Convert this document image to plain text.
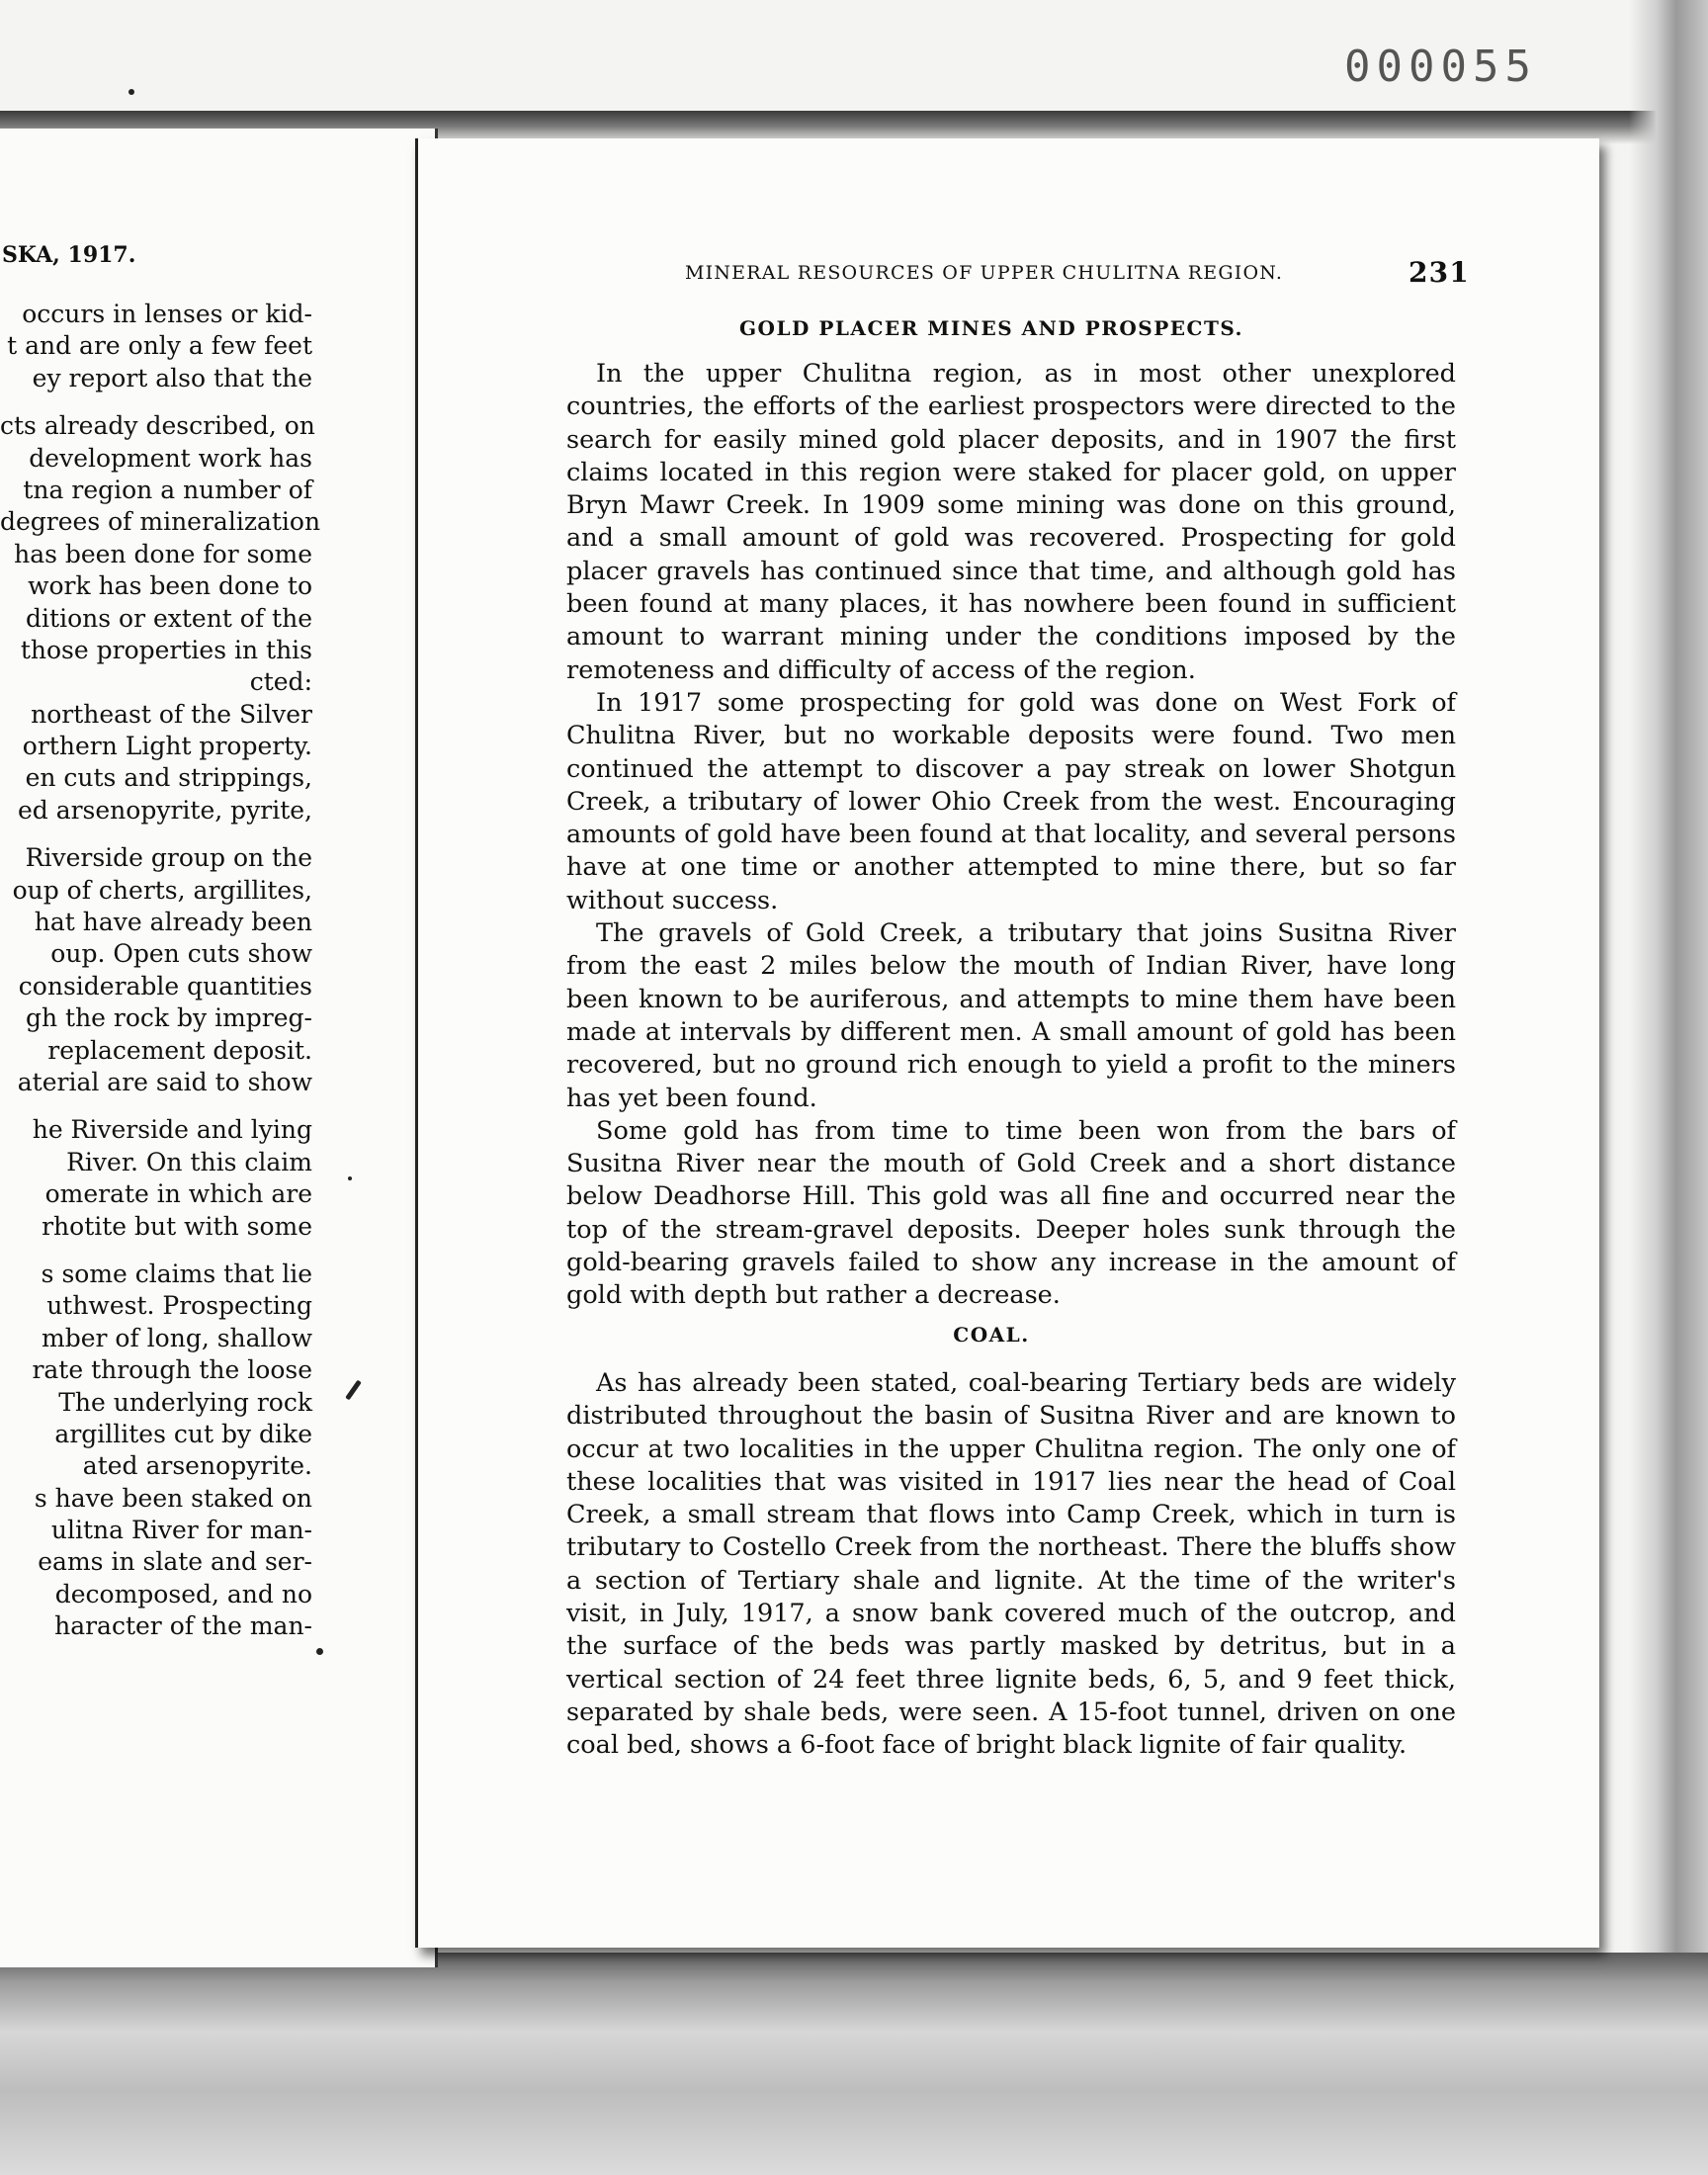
000055
SKA, 1917.
occurs in lenses or kid-
t and are only a few feet
ey report also that the
cts already described, on
development work has
tna region a number of
degrees of mineralization
has been done for some
work has been done to
ditions or extent of the
those properties in this
cted:
northeast of the Silver
orthern Light property.
en cuts and strippings,
ed arsenopyrite, pyrite,
Riverside group on the
oup of cherts, argillites,
hat have already been
oup. Open cuts show
considerable quantities
gh the rock by impreg-
replacement deposit.
aterial are said to show
he Riverside and lying
River. On this claim
omerate in which are
rhotite but with some
s some claims that lie
uthwest. Prospecting
mber of long, shallow
rate through the loose
The underlying rock
argillites cut by dike
ated arsenopyrite.
s have been staked on
ulitna River for man-
eams in slate and ser-
decomposed, and no
haracter of the man-
MINERAL RESOURCES OF UPPER CHULITNA REGION.	231
GOLD PLACER MINES AND PROSPECTS.

In the upper Chulitna region, as in most other unexplored countries, the efforts of the earliest prospectors were directed to the search for easily mined gold placer deposits, and in 1907 the first claims located in this region were staked for placer gold, on upper Bryn Mawr Creek. In 1909 some mining was done on this ground, and a small amount of gold was recovered. Prospecting for gold placer gravels has continued since that time, and although gold has been found at many places, it has nowhere been found in sufficient amount to warrant mining under the conditions imposed by the remoteness and difficulty of access of the region.

In 1917 some prospecting for gold was done on West Fork of Chulitna River, but no workable deposits were found. Two men continued the attempt to discover a pay streak on lower Shotgun Creek, a tributary of lower Ohio Creek from the west. Encouraging amounts of gold have been found at that locality, and several persons have at one time or another attempted to mine there, but so far without success.

The gravels of Gold Creek, a tributary that joins Susitna River from the east 2 miles below the mouth of Indian River, have long been known to be auriferous, and attempts to mine them have been made at intervals by different men. A small amount of gold has been recovered, but no ground rich enough to yield a profit to the miners has yet been found.

Some gold has from time to time been won from the bars of Susitna River near the mouth of Gold Creek and a short distance below Deadhorse Hill. This gold was all fine and occurred near the top of the stream-gravel deposits. Deeper holes sunk through the gold-bearing gravels failed to show any increase in the amount of gold with depth but rather a decrease.

COAL.

As has already been stated, coal-bearing Tertiary beds are widely distributed throughout the basin of Susitna River and are known to occur at two localities in the upper Chulitna region. The only one of these localities that was visited in 1917 lies near the head of Coal Creek, a small stream that flows into Camp Creek, which in turn is tributary to Costello Creek from the northeast. There the bluffs show a section of Tertiary shale and lignite. At the time of the writer's visit, in July, 1917, a snow bank covered much of the outcrop, and the surface of the beds was partly masked by detritus, but in a vertical section of 24 feet three lignite beds, 6, 5, and 9 feet thick, separated by shale beds, were seen. A 15-foot tunnel, driven on one coal bed, shows a 6-foot face of bright black lignite of fair quality.
